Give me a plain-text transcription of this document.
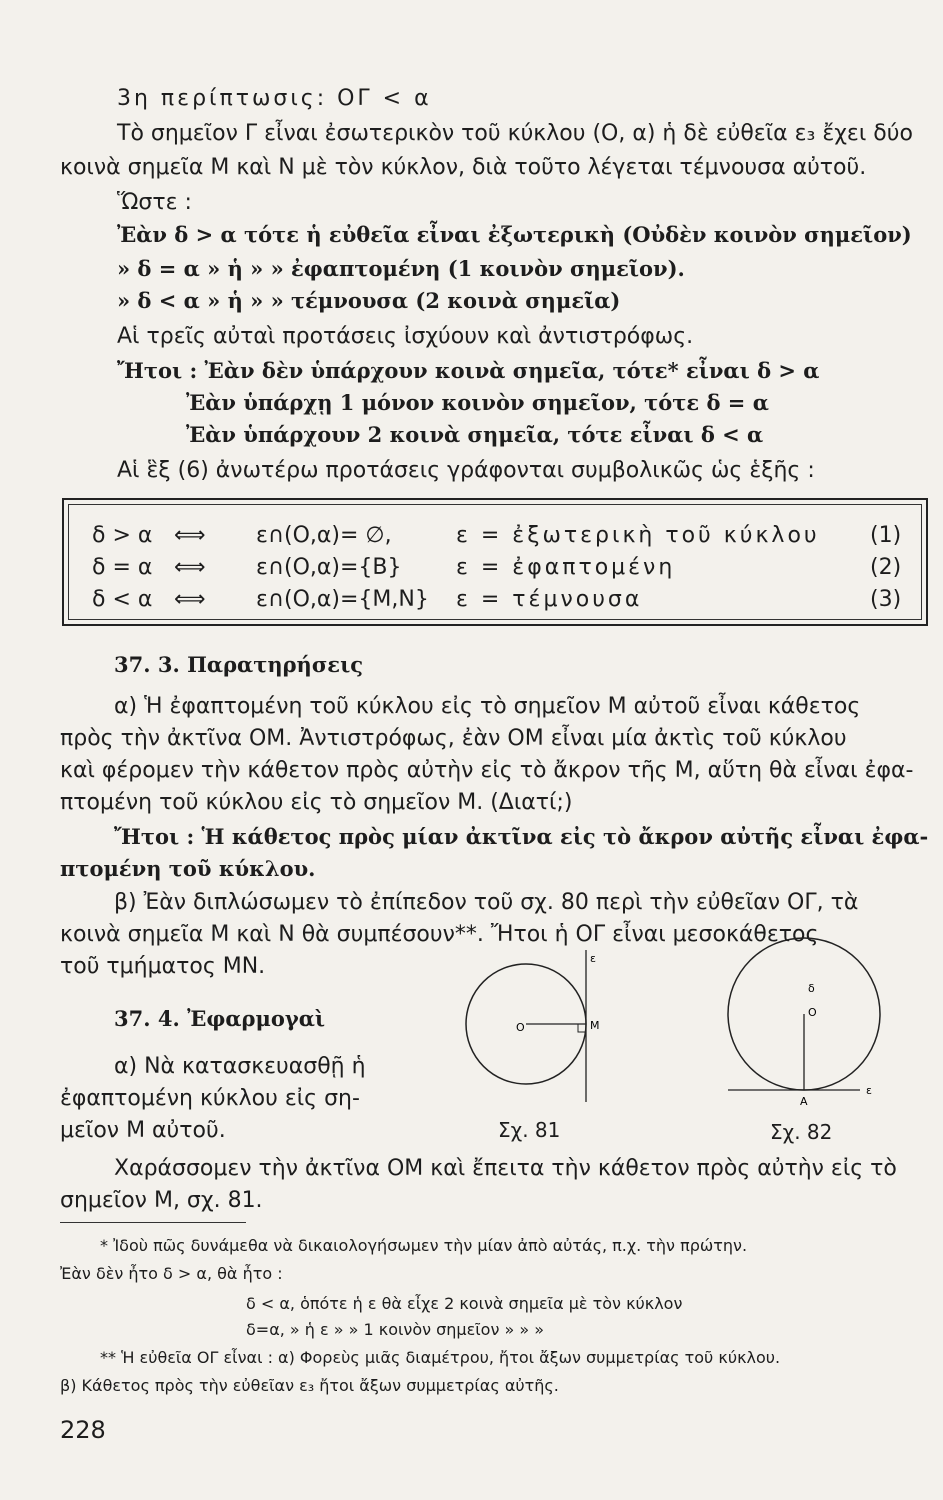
3η περίπτωσις: ΟΓ < α
Τὸ σημεῖον Γ εἶναι ἐσωτερικὸν τοῦ κύκλου (Ο, α) ἡ δὲ εὐθεῖα ε₃ ἔχει δύο
κοινὰ σημεῖα Μ καὶ Ν μὲ τὸν κύκλον, διὰ τοῦτο λέγεται τέμνουσα αὐτοῦ.
Ὥστε :
Ἐὰν δ > α τότε ἡ εὐθεῖα εἶναι ἐξωτερικὴ (Οὐδὲν κοινὸν σημεῖον)
» δ = α » ἡ » » ἐφαπτομένη (1 κοινὸν σημεῖον).
» δ < α » ἡ » » τέμνουσα (2 κοινὰ σημεῖα)
Αἱ τρεῖς αὐταὶ προτάσεις ἰσχύουν καὶ ἀντιστρόφως.
Ἤτοι : Ἐὰν δὲν ὑπάρχουν κοινὰ σημεῖα, τότε* εἶναι δ > α
Ἐὰν ὑπάρχῃ 1 μόνον κοινὸν σημεῖον, τότε δ = α
Ἐὰν ὑπάρχουν 2 κοινὰ σημεῖα, τότε εἶναι δ < α
Αἱ ἓξ (6) ἀνωτέρω προτάσεις γράφονται συμβολικῶς ὡς ἑξῆς :
δ > α ⟺ ε∩(Ο,α)= ∅,	ε = ἐξωτερικὴ τοῦ κύκλου (1)
δ = α ⟺ ε∩(Ο,α)={Β} ε = ἐφαπτομένη	(2)
δ < α ⟺ ε∩(Ο,α)={Μ,Ν} ε = τέμνουσα	(3)
37. 3. Παρατηρήσεις
α) Ἡ ἐφαπτομένη τοῦ κύκλου εἰς τὸ σημεῖον Μ αὐτοῦ εἶναι κάθετος
πρὸς τὴν ἀκτῖνα ΟΜ. Ἀντιστρόφως, ἐὰν ΟΜ εἶναι μία ἀκτὶς τοῦ κύκλου
καὶ φέρομεν τὴν κάθετον πρὸς αὐτὴν εἰς τὸ ἄκρον τῆς Μ, αὕτη θὰ εἶναι ἐφα-
πτομένη τοῦ κύκλου εἰς τὸ σημεῖον Μ. (Διατί;)
Ἤτοι : Ἡ κάθετος πρὸς μίαν ἀκτῖνα εἰς τὸ ἄκρον αὐτῆς εἶναι ἐφα-
πτομένη τοῦ κύκλου.
β) Ἐὰν διπλώσωμεν τὸ ἐπίπεδον τοῦ σχ. 80 περὶ τὴν εὐθεῖαν ΟΓ, τὰ
κοινὰ σημεῖα Μ καὶ Ν θὰ συμπέσουν**. Ἤτοι ἡ ΟΓ εἶναι μεσοκάθετος
τοῦ τμήματος ΜΝ.
37. 4. Ἐφαρμογαὶ
α) Νὰ κατασκευασθῇ ἡ
ἐφαπτομένη κύκλου εἰς ση-
μεῖον Μ αὐτοῦ.
Ο	Μ
ε
Σχ. 81
Ο
δ
Α
ε
Σχ. 82
Χαράσσομεν τὴν ἀκτῖνα ΟΜ καὶ ἔπειτα τὴν κάθετον πρὸς αὐτὴν εἰς τὸ
σημεῖον Μ, σχ. 81.
* Ἰδοὺ πῶς δυνάμεθα νὰ δικαιολογήσωμεν τὴν μίαν ἀπὸ αὐτάς, π.χ. τὴν πρώτην.
Ἐὰν δὲν ἦτο δ > α, θὰ ἦτο :
δ < α, ὁπότε ἡ ε θὰ εἶχε 2 κοινὰ σημεῖα μὲ τὸν κύκλον
δ=α, » ἡ ε » » 1 κοινὸν σημεῖον » » »
** Ἡ εὐθεῖα ΟΓ εἶναι : α) Φορεὺς μιᾶς διαμέτρου, ἤτοι ἄξων συμμετρίας τοῦ κύκλου.
β) Κάθετος πρὸς τὴν εὐθεῖαν ε₃ ἤτοι ἄξων συμμετρίας αὐτῆς.
228
